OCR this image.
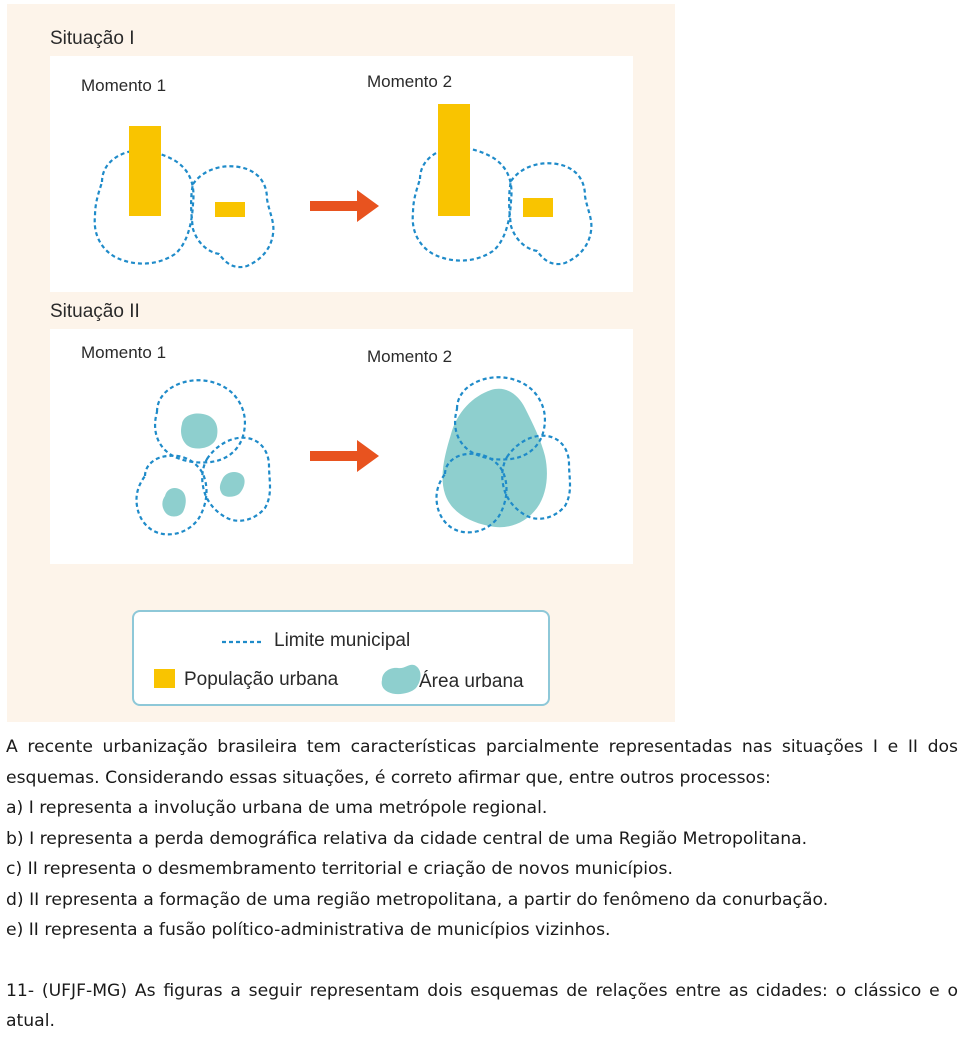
Situação I
Momento 1	Momento 2
Situação II
Momento 1	Momento 2
Limite municipal
População urbana	Área urbana

A recente urbanização brasileira tem características parcialmente representadas nas situações I e II dos esquemas. Considerando essas situações, é correto afirmar que, entre outros processos:

a) I representa a involução urbana de uma metrópole regional.

b) I representa a perda demográfica relativa da cidade central de uma Região Metropolitana.

c) II representa o desmembramento territorial e criação de novos municípios.

d) II representa a formação de uma região metropolitana, a partir do fenômeno da conurbação.

e) II representa a fusão político-administrativa de municípios vizinhos.

11- (UFJF-MG) As figuras a seguir representam dois esquemas de relações entre as cidades: o clássico e o atual.
